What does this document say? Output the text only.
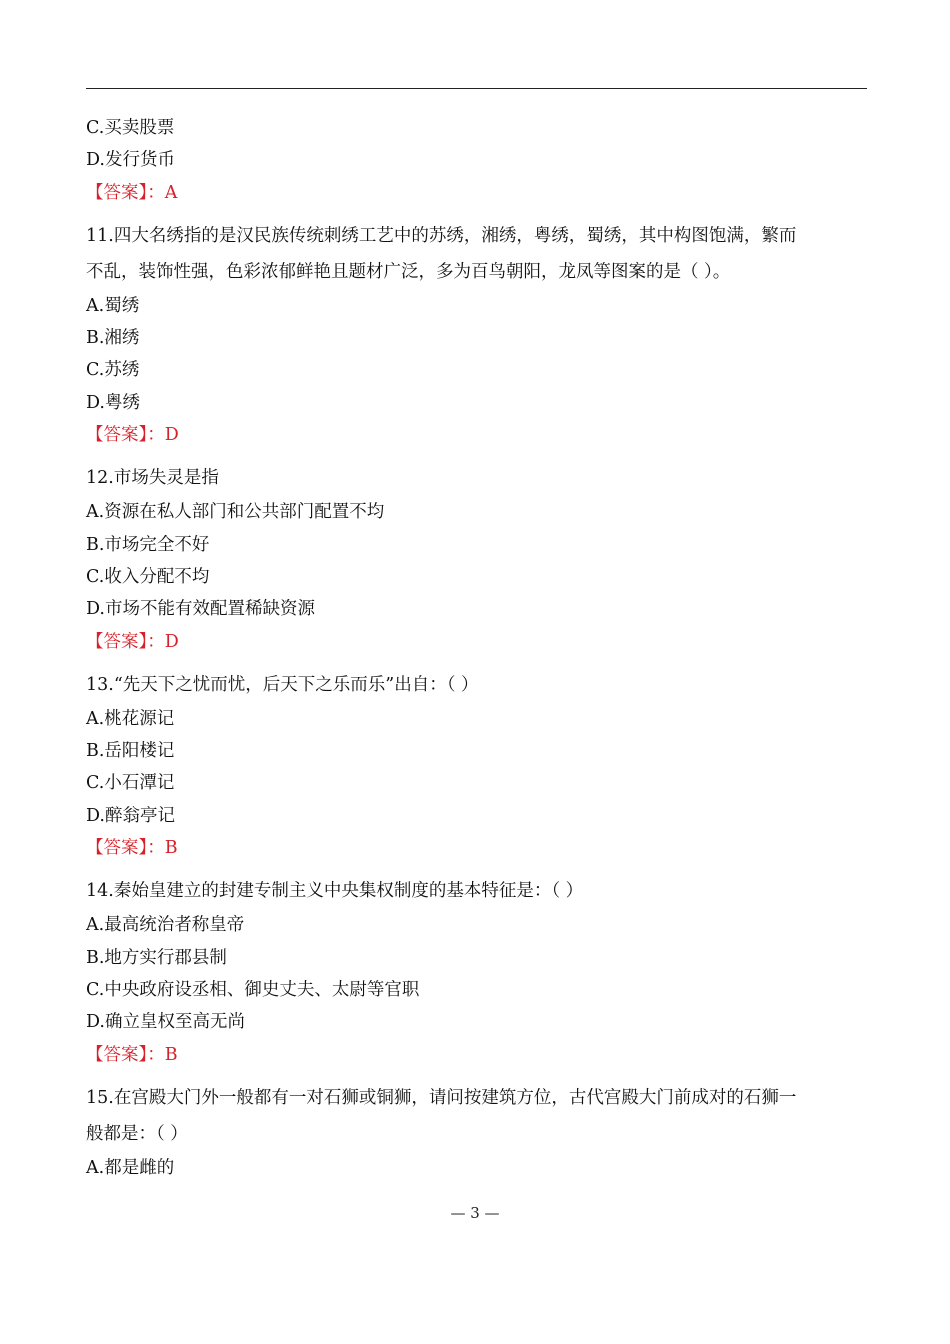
C.买卖股票
D.发行货币
【答案】：A
11.四大名绣指的是汉民族传统刺绣工艺中的苏绣，湘绣，粤绣，蜀绣，其中构图饱满，繁而
不乱，装饰性强，色彩浓郁鲜艳且题材广泛，多为百鸟朝阳，龙凤等图案的是（ ）。
A.蜀绣
B.湘绣
C.苏绣
D.粤绣
【答案】：D
12.市场失灵是指
A.资源在私人部门和公共部门配置不均
B.市场完全不好
C.收入分配不均
D.市场不能有效配置稀缺资源
【答案】：D
13.“先天下之忧而忧，后天下之乐而乐”出自：（ ）
A.桃花源记
B.岳阳楼记
C.小石潭记
D.醉翁亭记
【答案】：B
14.秦始皇建立的封建专制主义中央集权制度的基本特征是：（ ）
A.最高统治者称皇帝
B.地方实行郡县制
C.中央政府设丞相、御史丈夫、太尉等官职
D.确立皇权至高无尚
【答案】：B
15.在宫殿大门外一般都有一对石狮或铜狮，请问按建筑方位，古代宫殿大门前成对的石狮一
般都是：（ ）
A.都是雌的
— 3 —
